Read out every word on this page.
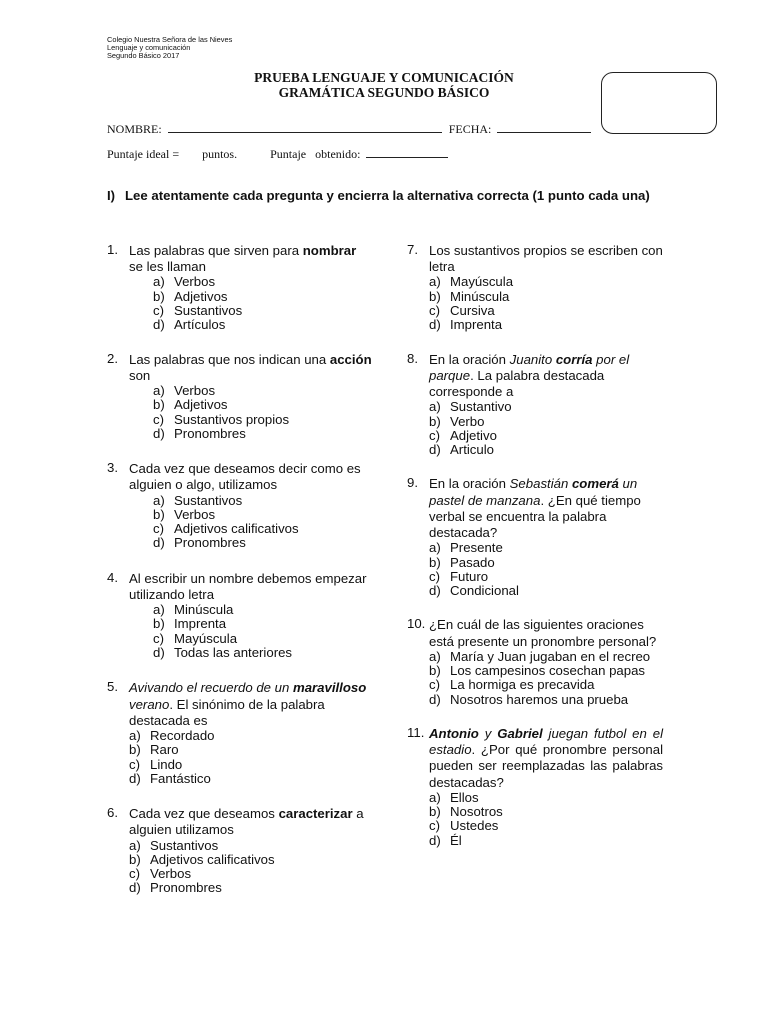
Colegio Nuestra Señora de las Nieves
Lenguaje y comunicación
Segundo Básico 2017
PRUEBA LENGUAJE Y COMUNICACIÓN
GRAMÁTICA SEGUNDO BÁSICO
NOMBRE:	FECHA:
Puntaje ideal = puntos.	Puntaje   obtenido:
I) Lee atentamente cada pregunta y encierra la alternativa correcta (1 punto cada una)
1. Las palabras que sirven para nombrar se les llaman
a) Verbos
b) Adjetivos
c) Sustantivos
d) Artículos
2. Las palabras que nos indican una acción son
a) Verbos
b) Adjetivos
c) Sustantivos propios
d) Pronombres
3. Cada vez que deseamos decir como es alguien o algo, utilizamos
a) Sustantivos
b) Verbos
c) Adjetivos calificativos
d) Pronombres
4. Al escribir un nombre debemos empezar utilizando letra
a) Minúscula
b) Imprenta
c) Mayúscula
d) Todas las anteriores
5. Avivando el recuerdo de un maravilloso verano. El sinónimo de la palabra destacada es
a) Recordado
b) Raro
c) Lindo
d) Fantástico
6. Cada vez que deseamos caracterizar a alguien utilizamos
a) Sustantivos
b) Adjetivos calificativos
c) Verbos
d) Pronombres
7. Los sustantivos propios se escriben con letra
a) Mayúscula
b) Minúscula
c) Cursiva
d) Imprenta
8. En la oración Juanito corría por el parque. La palabra destacada corresponde a
a) Sustantivo
b) Verbo
c) Adjetivo
d) Articulo
9. En la oración Sebastián comerá un pastel de manzana. ¿En qué tiempo verbal se encuentra la palabra destacada?
a) Presente
b) Pasado
c) Futuro
d) Condicional
10. ¿En cuál de las siguientes oraciones está presente un pronombre personal?
a) María y Juan jugaban en el recreo
b) Los campesinos cosechan papas
c) La hormiga es precavida
d) Nosotros haremos una prueba
11. Antonio y Gabriel juegan futbol en el estadio. ¿Por qué pronombre personal pueden ser reemplazadas las palabras destacadas?
a) Ellos
b) Nosotros
c) Ustedes
d) Él
